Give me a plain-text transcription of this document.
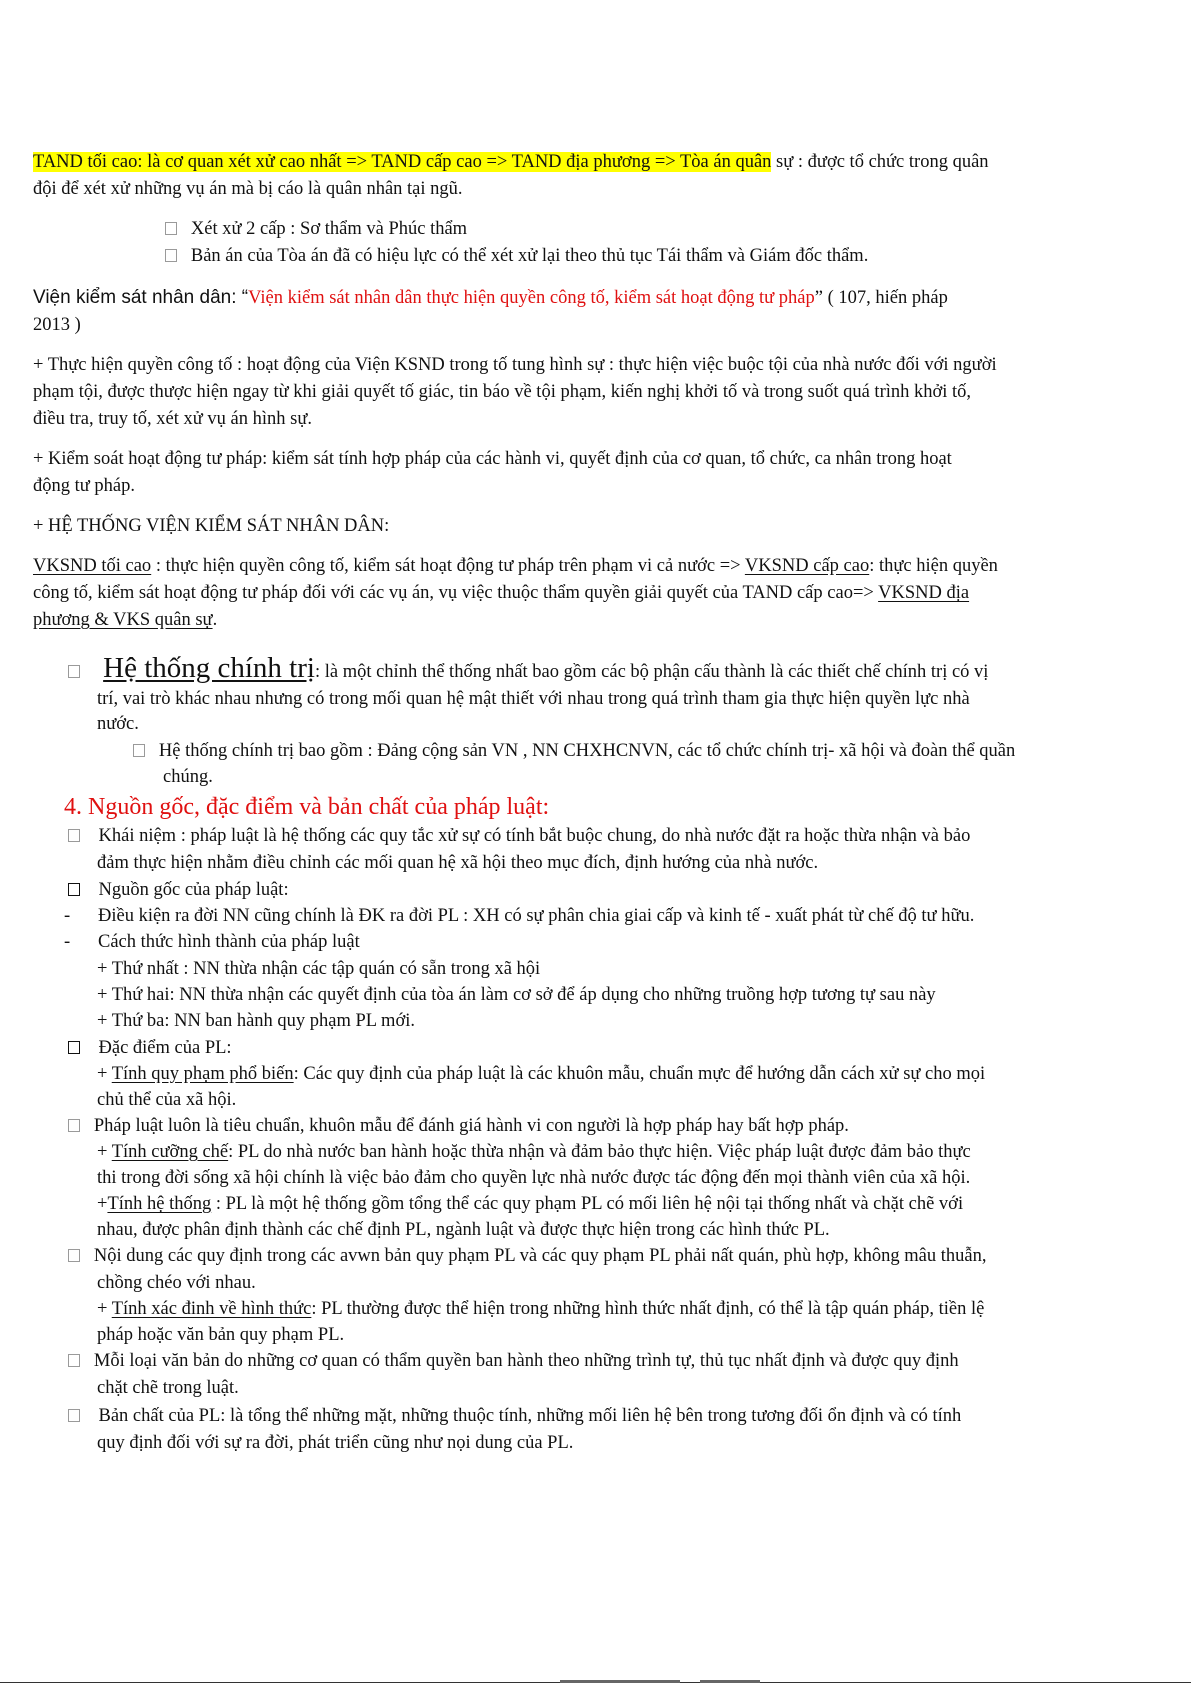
TAND tối cao: là cơ quan xét xử cao nhất => TAND cấp cao => TAND địa phương => Tòa án quân sự : được tổ chức trong quân
đội để xét xử những vụ án mà bị cáo là quân nhân tại ngũ.
Xét xử 2 cấp : Sơ thẩm và Phúc thẩm
Bản án của Tòa án đã có hiệu lực có thể xét xử lại theo thủ tục Tái thẩm và Giám đốc thẩm.
Viện kiểm sát nhân dân: “Viện kiểm sát nhân dân thực hiện quyền công tố, kiểm sát hoạt động tư pháp” ( 107, hiến pháp
2013 )
+ Thực hiện quyền công tố : hoạt động của Viện KSND trong tố tung hình sự : thực hiện việc buộc tội của nhà nước đối với người
phạm tội, được thược hiện ngay từ khi giải quyết tố giác, tin báo về tội phạm, kiến nghị khởi tố và trong suốt quá trình khởi tố,
điều tra, truy tố, xét xử vụ án hình sự.
+ Kiểm soát hoạt động tư pháp: kiểm sát tính hợp pháp của các hành vi, quyết định của cơ quan, tổ chức, ca nhân trong hoạt
động tư pháp.
+ HỆ THỐNG VIỆN KIỂM SÁT NHÂN DÂN:
VKSND tối cao : thực hiện quyền công tố, kiểm sát hoạt động tư pháp trên phạm vi cả nước => VKSND cấp cao: thực hiện quyền
công tố, kiểm sát hoạt động tư pháp đối với các vụ án, vụ việc thuộc thẩm quyền giải quyết của TAND cấp cao=> VKSND địa
phương & VKS quân sự.
Hệ thống chính trị: là một chỉnh thể thống nhất bao gồm các bộ phận cấu thành là các thiết chế chính trị có vị
trí, vai trò khác nhau nhưng có trong mối quan hệ mật thiết với nhau trong quá trình tham gia thực hiện quyền lực nhà
nước.
Hệ thống chính trị bao gồm : Đảng cộng sản VN , NN CHXHCNVN, các tổ chức chính trị- xã hội và đoàn thể quần
chúng.
4. Nguồn gốc, đặc điểm và bản chất của pháp luật:
Khái niệm : pháp luật là hệ thống các quy tắc xử sự có tính bắt buộc chung, do nhà nước đặt ra hoặc thừa nhận và bảo
đảm thực hiện nhằm điều chỉnh các mối quan hệ xã hội theo mục đích, định hướng của nhà nước.
Nguồn gốc của pháp luật:
- Điều kiện ra đời NN cũng chính là ĐK ra đời PL : XH có sự phân chia giai cấp và kinh tế - xuất phát từ chế độ tư hữu.
- Cách thức hình thành của pháp luật
+ Thứ nhất : NN thừa nhận các tập quán có sẵn trong xã hội
+ Thứ hai: NN thừa nhận các quyết định của tòa án làm cơ sở để áp dụng cho những truồng hợp tương tự sau này
+ Thứ ba: NN ban hành quy phạm PL mới.
Đặc điểm của PL:
+ Tính quy phạm phổ biến: Các quy định của pháp luật là các khuôn mẫu, chuẩn mực để hướng dẫn cách xử sự cho mọi
chủ thể của xã hội.
Pháp luật luôn là tiêu chuẩn, khuôn mẫu để đánh giá hành vi con người là hợp pháp hay bất hợp pháp.
+ Tính cưỡng chế: PL do nhà nước ban hành hoặc thừa nhận và đảm bảo thực hiện. Việc pháp luật được đảm bảo thực
thi trong đời sống xã hội chính là việc bảo đảm cho quyền lực nhà nước được tác động đến mọi thành viên của xã hội.
+Tính hệ thống : PL là một hệ thống gồm tổng thể các quy phạm PL có mối liên hệ nội tại thống nhất và chặt chẽ với
nhau, được phân định thành các chế định PL, ngành luật và được thực hiện trong các hình thức PL.
Nội dung các quy định trong các avwn bản quy phạm PL và các quy phạm PL phải nất quán, phù hợp, không mâu thuẫn,
chồng chéo với nhau.
+ Tính xác đinh về hình thức: PL thường được thể hiện trong những hình thức nhất định, có thể là tập quán pháp, tiền lệ
pháp hoặc văn bản quy phạm PL.
Mỗi loại văn bản do những cơ quan có thẩm quyền ban hành theo những trình tự, thủ tục nhất định và được quy định
chặt chẽ trong luật.
Bản chất của PL: là tổng thể những mặt, những thuộc tính, những mối liên hệ bên trong tương đối ổn định và có tính
quy định đối với sự ra đời, phát triển cũng như nọi dung của PL.
